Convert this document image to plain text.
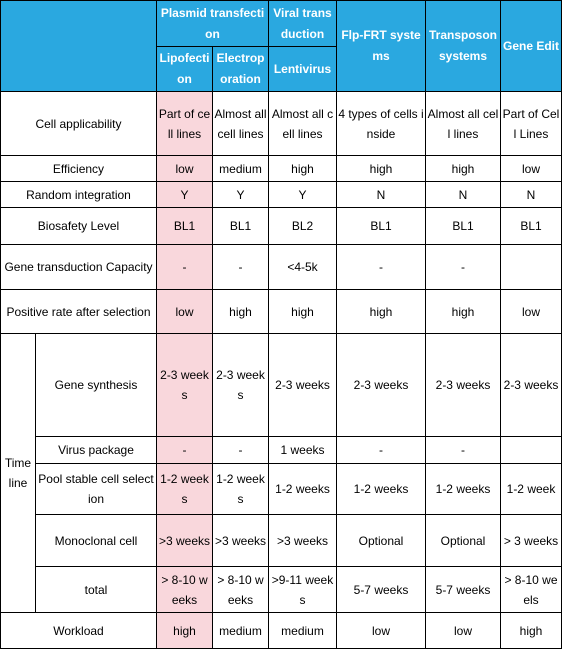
		Plasmid transfection		Viral transduction	Flp-FRT systems	Transposon systems	Gene Edit
		Lipofection	Electroporation	Lentivirus			
Cell applicability		Part of cell lines	Almost all cell lines	Almost all cell lines	4 types of cells inside	Almost all cell lines	Part of Cell Lines
Efficiency		low	medium	high	high	high	low
Random integration		Y	Y	Y	N	N	N
Biosafety Level		BL1	BL1	BL2	BL1	BL1	BL1
Gene transduction Capacity		-	-	<4-5k	-	-	
Positive rate after selection		low	high	high	high	high	low
Time line	Gene synthesis	2-3 weeks	2-3 weeks	2-3 weeks	2-3 weeks	2-3 weeks	2-3 weeks
	Virus package	-	-	1 weeks	-	-	
	Pool stable cell selection	1-2 weeks	1-2 weeks	1-2 weeks	1-2 weeks	1-2 weeks	1-2 week
	Monoclonal cell	>3 weeks	>3 weeks	>3 weeks	Optional	Optional	> 3 weeks
	total	> 8-10 weeks	> 8-10 weeks	>9-11 weeks	5-7 weeks	5-7 weeks	> 8-10 weels
Workload		high	medium	medium	low	low	high
